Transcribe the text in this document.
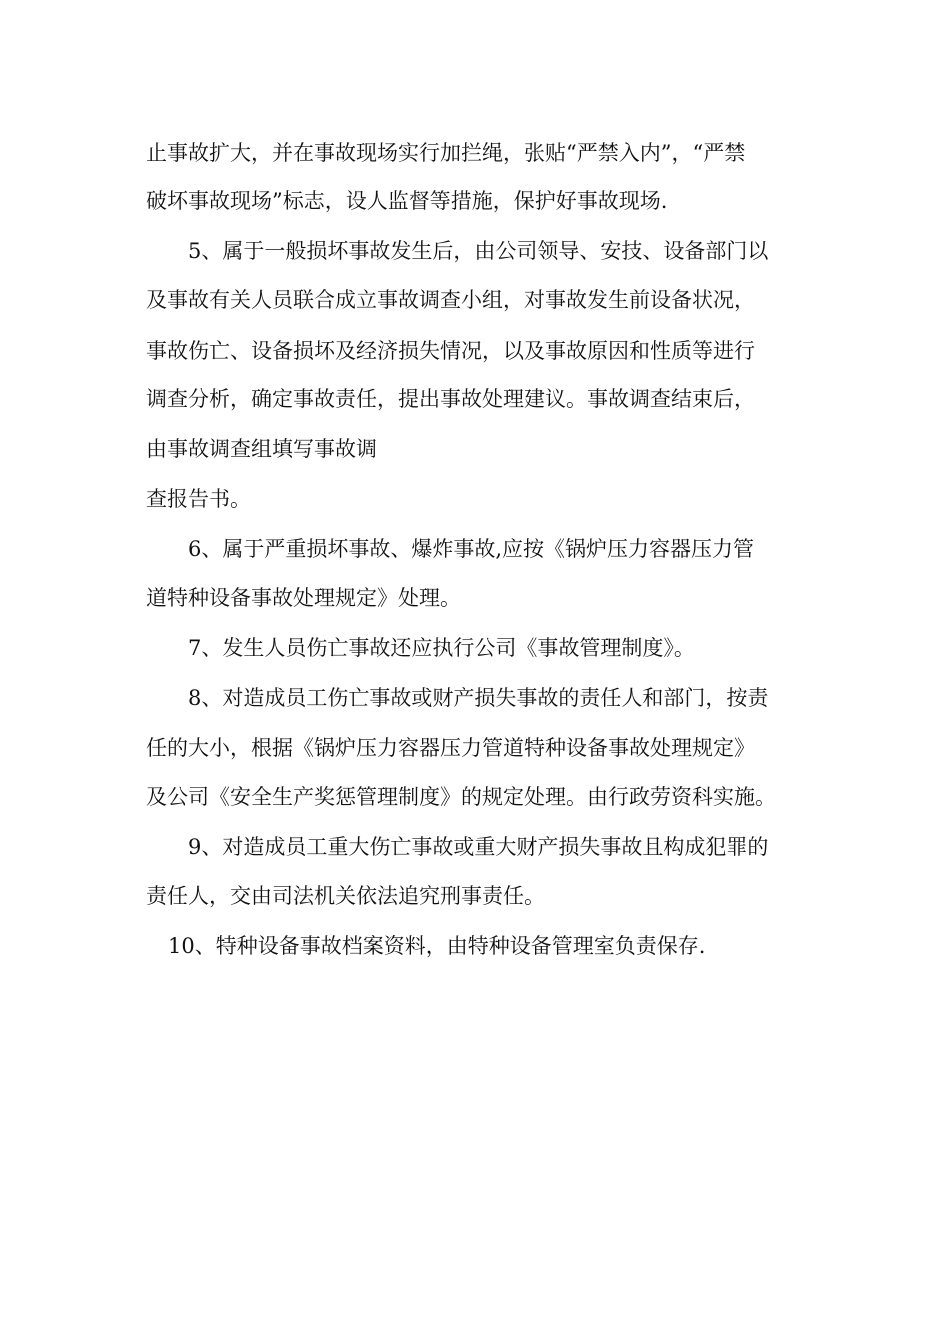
止事故扩大，并在事故现场实行加拦绳，张贴“严禁入内”，“严禁

破坏事故现场”标志，设人监督等措施，保护好事故现场.

5、属于一般损坏事故发生后，由公司领导、安技、设备部门以

及事故有关人员联合成立事故调查小组，对事故发生前设备状况，

事故伤亡、设备损坏及经济损失情况，以及事故原因和性质等进行

调查分析，确定事故责任，提出事故处理建议。事故调查结束后，

由事故调查组填写事故调

查报告书。

6、属于严重损坏事故、爆炸事故,应按《锅炉压力容器压力管

道特种设备事故处理规定》处理。

7、发生人员伤亡事故还应执行公司《事故管理制度》。

8、对造成员工伤亡事故或财产损失事故的责任人和部门，按责

任的大小，根据《锅炉压力容器压力管道特种设备事故处理规定》

及公司《安全生产奖惩管理制度》的规定处理。由行政劳资科实施。

9、对造成员工重大伤亡事故或重大财产损失事故且构成犯罪的

责任人，交由司法机关依法追究刑事责任。

10、特种设备事故档案资料，由特种设备管理室负责保存.
